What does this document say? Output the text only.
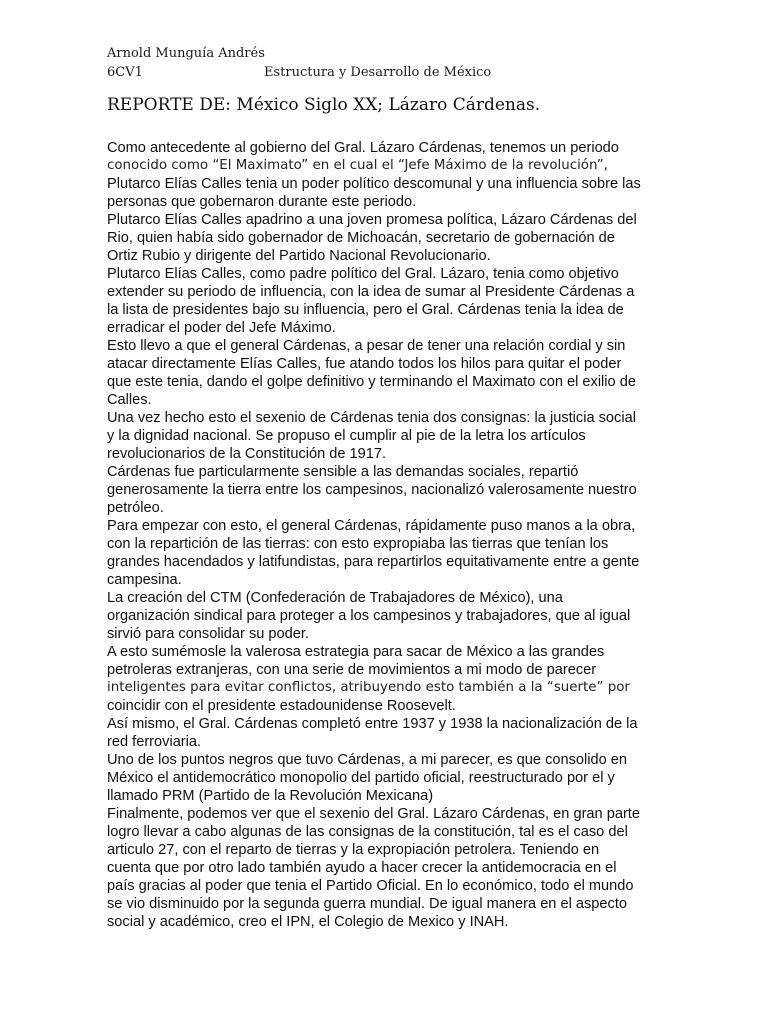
Arnold Munguía Andrés
6CV1	Estructura y Desarrollo de México
REPORTE DE: México Siglo XX; Lázaro Cárdenas.
Como antecedente al gobierno del Gral. Lázaro Cárdenas, tenemos un periodo
conocido como “El Maximato” en el cual el “Jefe Máximo de la revolución”,
Plutarco Elías Calles tenia un poder político descomunal y una influencia sobre las
personas que gobernaron durante este periodo.
Plutarco Elías Calles apadrino a una joven promesa política, Lázaro Cárdenas del
Rio, quien había sido gobernador de Michoacán, secretario de gobernación de
Ortiz Rubio y dirigente del Partido Nacional Revolucionario.
Plutarco Elías Calles, como padre político del Gral. Lázaro, tenia como objetivo
extender su periodo de influencia, con la idea de sumar al Presidente Cárdenas a
la lista de presidentes bajo su influencia, pero el Gral. Cárdenas tenia la idea de
erradicar el poder del Jefe Máximo.
Esto llevo a que el general Cárdenas, a pesar de tener una relación cordial y sin
atacar directamente Elías Calles, fue atando todos los hilos para quitar el poder
que este tenia, dando el golpe definitivo y terminando el Maximato con el exilio de
Calles.
Una vez hecho esto el sexenio de Cárdenas tenia dos consignas: la justicia social
y la dignidad nacional. Se propuso el cumplir al pie de la letra los artículos
revolucionarios de la Constitución de 1917.
Cárdenas fue particularmente sensible a las demandas sociales, repartió
generosamente la tierra entre los campesinos, nacionalizó valerosamente nuestro
petróleo.
Para empezar con esto, el general Cárdenas, rápidamente puso manos a la obra,
con la repartición de las tierras: con esto expropiaba las tierras que tenían los
grandes hacendados y latifundistas, para repartirlos equitativamente entre a gente
campesina.
La creación del CTM (Confederación de Trabajadores de México), una
organización sindical para proteger a los campesinos y trabajadores, que al igual
sirvió para consolidar su poder.
A esto sumémosle la valerosa estrategia para sacar de México a las grandes
petroleras extranjeras, con una serie de movimientos a mi modo de parecer
inteligentes para evitar conflictos, atribuyendo esto también a la “suerte” por
coincidir con el presidente estadounidense Roosevelt.
Así mismo, el Gral. Cárdenas completó entre 1937 y 1938 la nacionalización de la
red ferroviaria.
Uno de los puntos negros que tuvo Cárdenas, a mi parecer, es que consolido en
México el antidemocrático monopolio del partido oficial, reestructurado por el y
llamado PRM (Partido de la Revolución Mexicana)
Finalmente, podemos ver que el sexenio del Gral. Lázaro Cárdenas, en gran parte
logro llevar a cabo algunas de las consignas de la constitución, tal es el caso del
articulo 27, con el reparto de tierras y la expropiación petrolera. Teniendo en
cuenta que por otro lado también ayudo a hacer crecer la antidemocracia en el
país gracias al poder que tenia el Partido Oficial. En lo económico, todo el mundo
se vio disminuido por la segunda guerra mundial. De igual manera en el aspecto
social y académico, creo el IPN, el Colegio de Mexico y INAH.
